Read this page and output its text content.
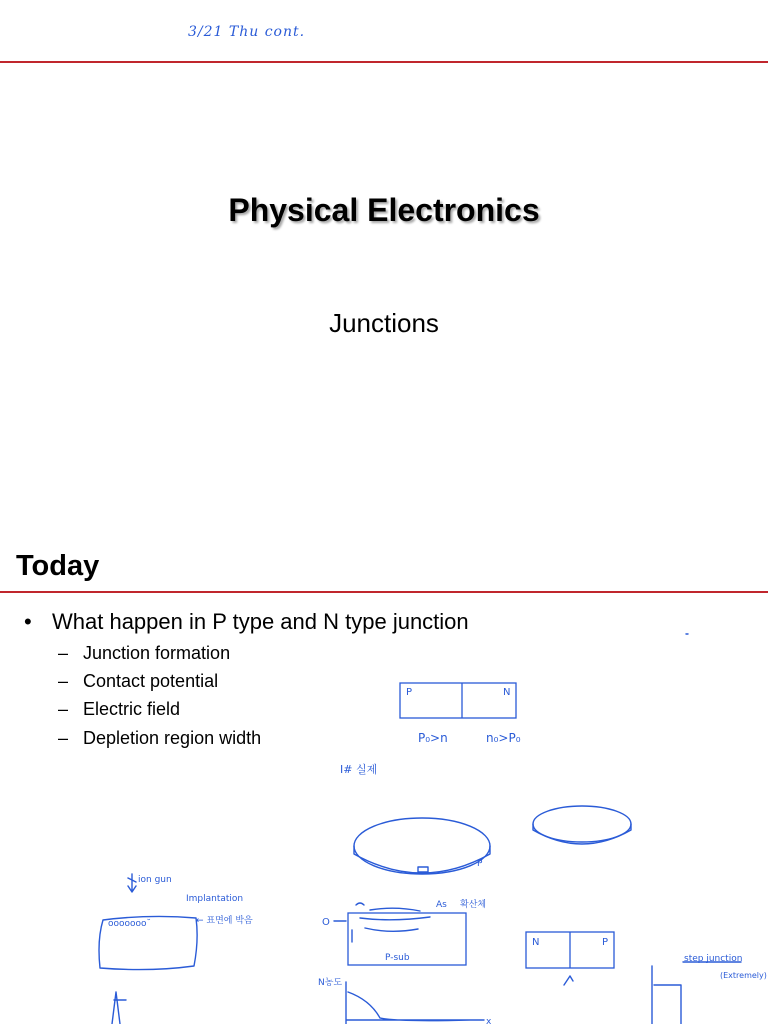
3/21 Thu cont.
Physical Electronics
Junctions
Today
• What happen in P type and N type junction
– Junction formation
– Contact potential
– Electric field
– Depletion region width
P	N
P₀>n	n₀>P₀
I# 실제
P
ion gun
Implantation
ooooooo˘	← 표면에 박음	O
As 확산체
P-sub
N	P
step junction
(Extremely)
N농도
x
